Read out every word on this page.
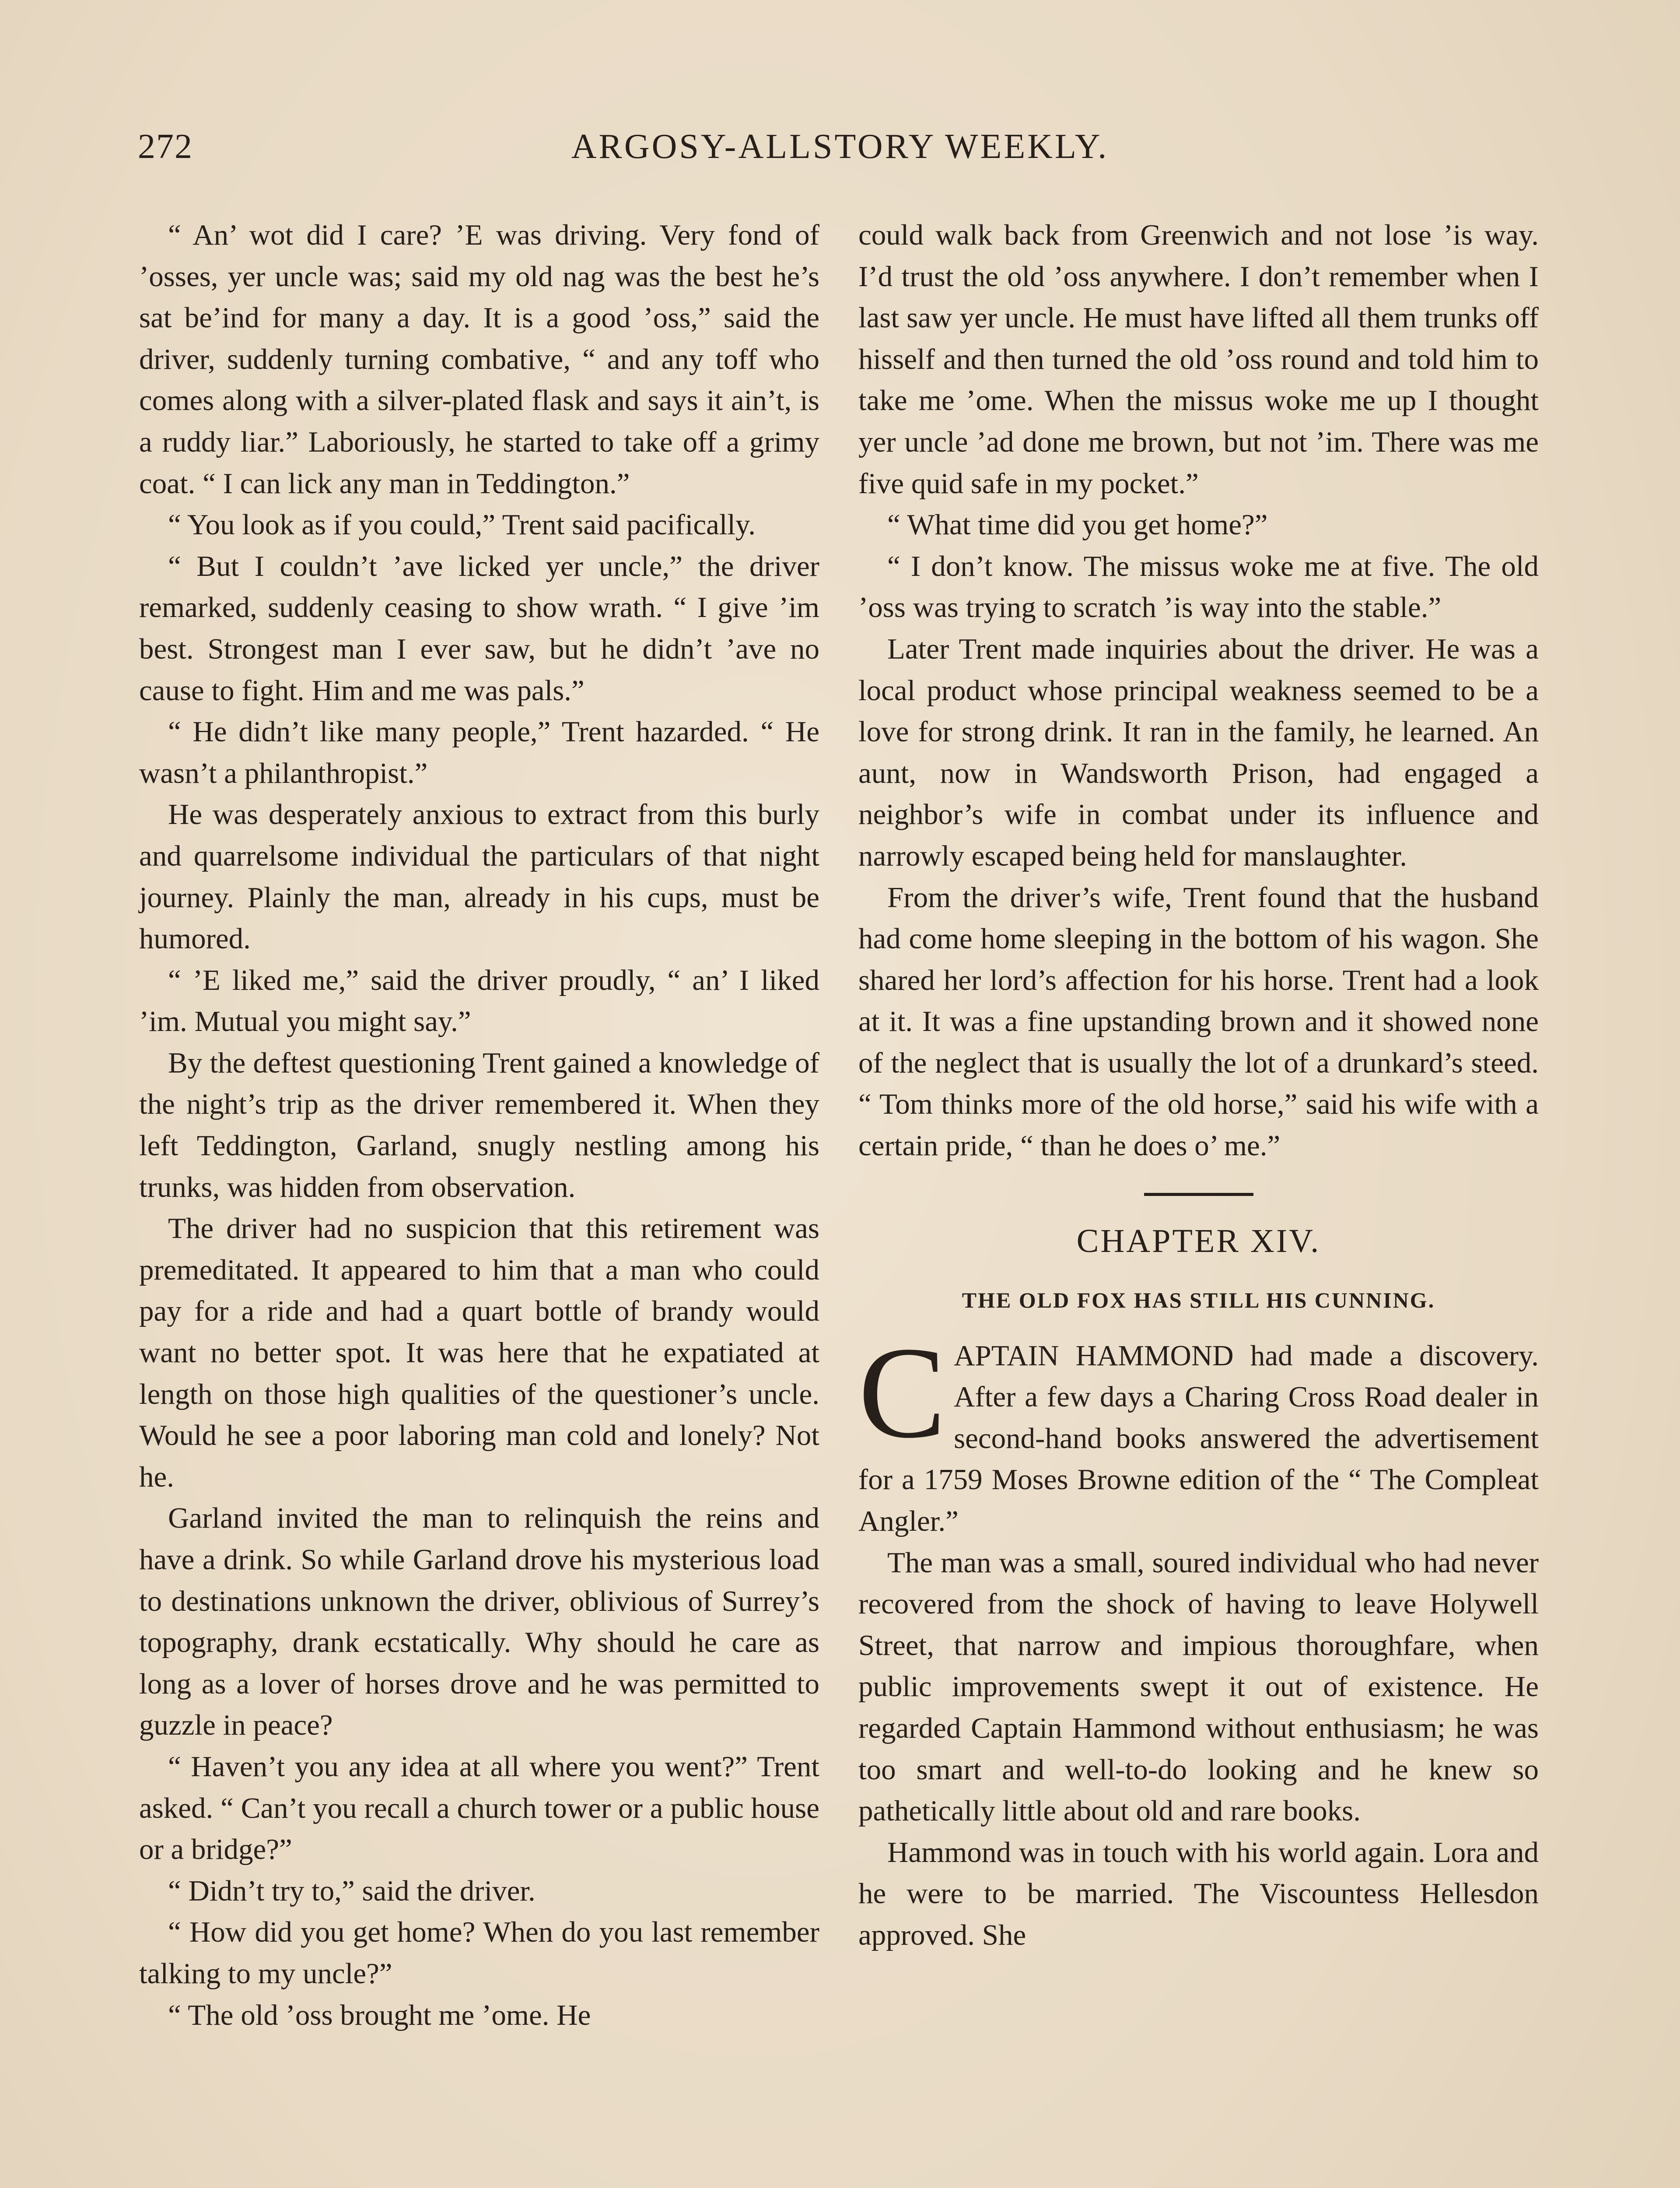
272	ARGOSY-ALLSTORY WEEKLY.

“ An’ wot did I care? ’E was driving. Very fond of ’osses, yer uncle was; said my old nag was the best he’s sat be’ind for many a day. It is a good ’oss,” said the driver, suddenly turning combative, “ and any toff who comes along with a silver-plated flask and says it ain’t, is a ruddy liar.” Laboriously, he started to take off a grimy coat. “ I can lick any man in Teddington.”

“ You look as if you could,” Trent said pacifically.

“ But I couldn’t ’ave licked yer uncle,” the driver remarked, suddenly ceasing to show wrath. “ I give ’im best. Strongest man I ever saw, but he didn’t ’ave no cause to fight. Him and me was pals.”

“ He didn’t like many people,” Trent hazarded. “ He wasn’t a philanthropist.”

He was desperately anxious to extract from this burly and quarrelsome individual the particulars of that night journey. Plainly the man, already in his cups, must be humored.

“ ’E liked me,” said the driver proudly, “ an’ I liked ’im. Mutual you might say.”

By the deftest questioning Trent gained a knowledge of the night’s trip as the driver remembered it. When they left Teddington, Garland, snugly nestling among his trunks, was hidden from observation.

The driver had no suspicion that this retirement was premeditated. It appeared to him that a man who could pay for a ride and had a quart bottle of brandy would want no better spot. It was here that he expatiated at length on those high qualities of the questioner’s uncle. Would he see a poor laboring man cold and lonely? Not he.

Garland invited the man to relinquish the reins and have a drink. So while Garland drove his mysterious load to destinations unknown the driver, oblivious of Surrey’s topography, drank ecstatically. Why should he care as long as a lover of horses drove and he was permitted to guzzle in peace?

“ Haven’t you any idea at all where you went?” Trent asked. “ Can’t you recall a church tower or a public house or a bridge?”

“ Didn’t try to,” said the driver.

“ How did you get home? When do you last remember talking to my uncle?”

“ The old ’oss brought me ’ome. He

could walk back from Greenwich and not lose ’is way. I’d trust the old ’oss anywhere. I don’t remember when I last saw yer uncle. He must have lifted all them trunks off hisself and then turned the old ’oss round and told him to take me ’ome. When the missus woke me up I thought yer uncle ’ad done me brown, but not ’im. There was me five quid safe in my pocket.”

“ What time did you get home?”

“ I don’t know. The missus woke me at five. The old ’oss was trying to scratch ’is way into the stable.”

Later Trent made inquiries about the driver. He was a local product whose principal weakness seemed to be a love for strong drink. It ran in the family, he learned. An aunt, now in Wandsworth Prison, had engaged a neighbor’s wife in combat under its influence and narrowly escaped being held for manslaughter.

From the driver’s wife, Trent found that the husband had come home sleeping in the bottom of his wagon. She shared her lord’s affection for his horse. Trent had a look at it. It was a fine upstanding brown and it showed none of the neglect that is usually the lot of a drunkard’s steed. “ Tom thinks more of the old horse,” said his wife with a certain pride, “ than he does o’ me.”

CHAPTER XIV.
THE OLD FOX HAS STILL HIS CUNNING.

CAPTAIN HAMMOND had made a discovery. After a few days a Charing Cross Road dealer in second-hand books answered the advertisement for a 1759 Moses Browne edition of the “ The Compleat Angler.”

The man was a small, soured individual who had never recovered from the shock of having to leave Holywell Street, that narrow and impious thoroughfare, when public improvements swept it out of existence. He regarded Captain Hammond without enthusiasm; he was too smart and well-to-do looking and he knew so pathetically little about old and rare books.

Hammond was in touch with his world again. Lora and he were to be married. The Viscountess Hellesdon approved. She
